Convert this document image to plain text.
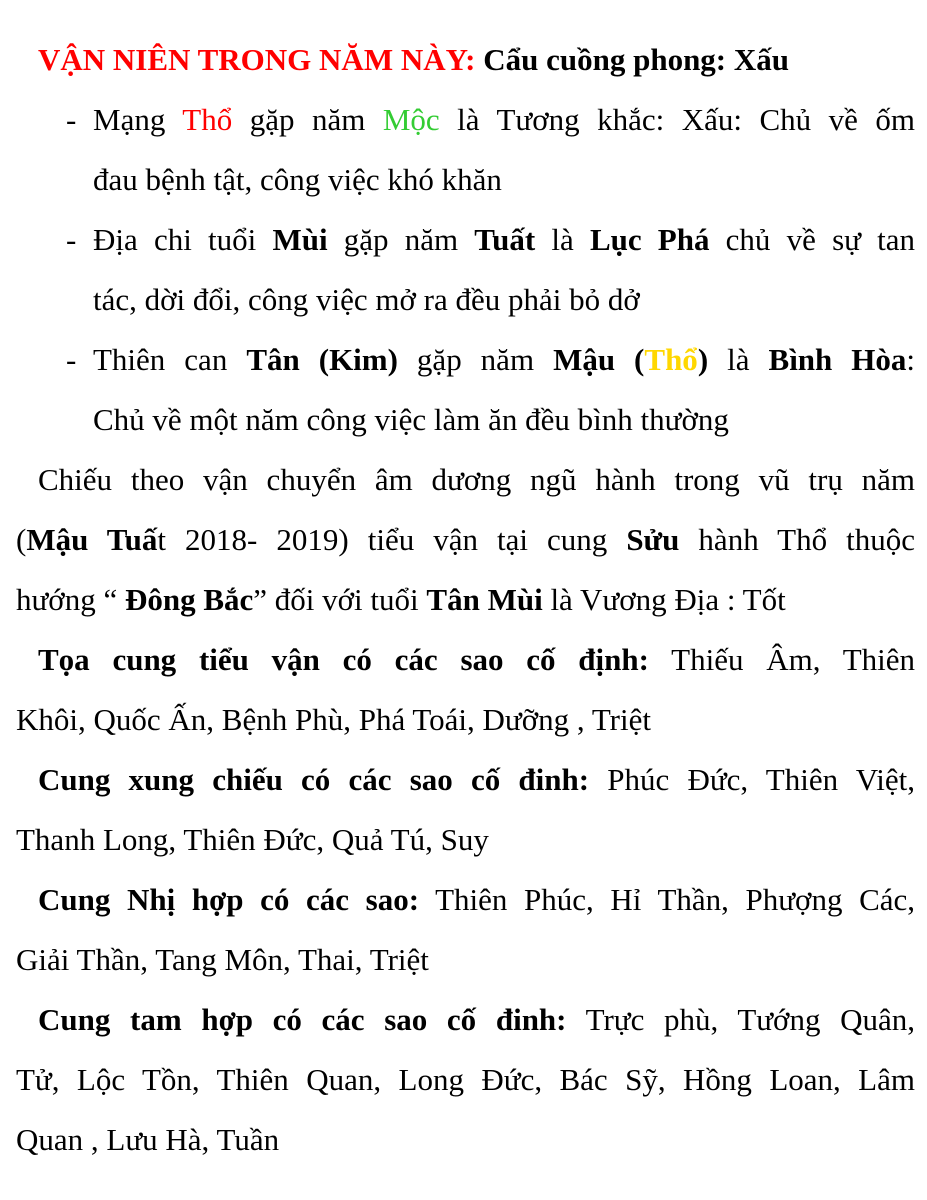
VẬN NIÊN TRONG NĂM NÀY: Cẩu cuồng phong: Xấu

- Mạng Thổ gặp năm Mộc là Tương khắc: Xấu: Chủ về ốm

đau bệnh tật, công việc khó khăn

- Địa chi tuổi Mùi gặp năm Tuất là Lục Phá chủ về sự tan

tác, dời đổi, công việc mở ra đều phải bỏ dở

- Thiên can Tân (Kim) gặp năm Mậu (Thổ) là Bình Hòa:

Chủ về một năm công việc làm ăn đều bình thường

Chiếu theo vận chuyển âm dương ngũ hành trong vũ trụ năm

(Mậu Tuất 2018- 2019) tiểu vận tại cung Sửu hành Thổ thuộc

hướng “ Đông Bắc” đối với tuổi Tân Mùi là Vương Địa : Tốt

Tọa cung tiểu vận có các sao cố định: Thiếu Âm, Thiên

Khôi, Quốc Ấn, Bệnh Phù, Phá Toái, Dưỡng , Triệt

Cung xung chiếu có các sao cố đinh: Phúc Đức, Thiên Việt,

Thanh Long, Thiên Đức, Quả Tú, Suy

Cung Nhị hợp có các sao: Thiên Phúc, Hỉ Thần, Phượng Các,

Giải Thần, Tang Môn, Thai, Triệt

Cung tam hợp có các sao cố đinh: Trực phù, Tướng Quân,

Tử, Lộc Tồn, Thiên Quan, Long Đức, Bác Sỹ, Hồng Loan, Lâm

Quan , Lưu Hà, Tuần
